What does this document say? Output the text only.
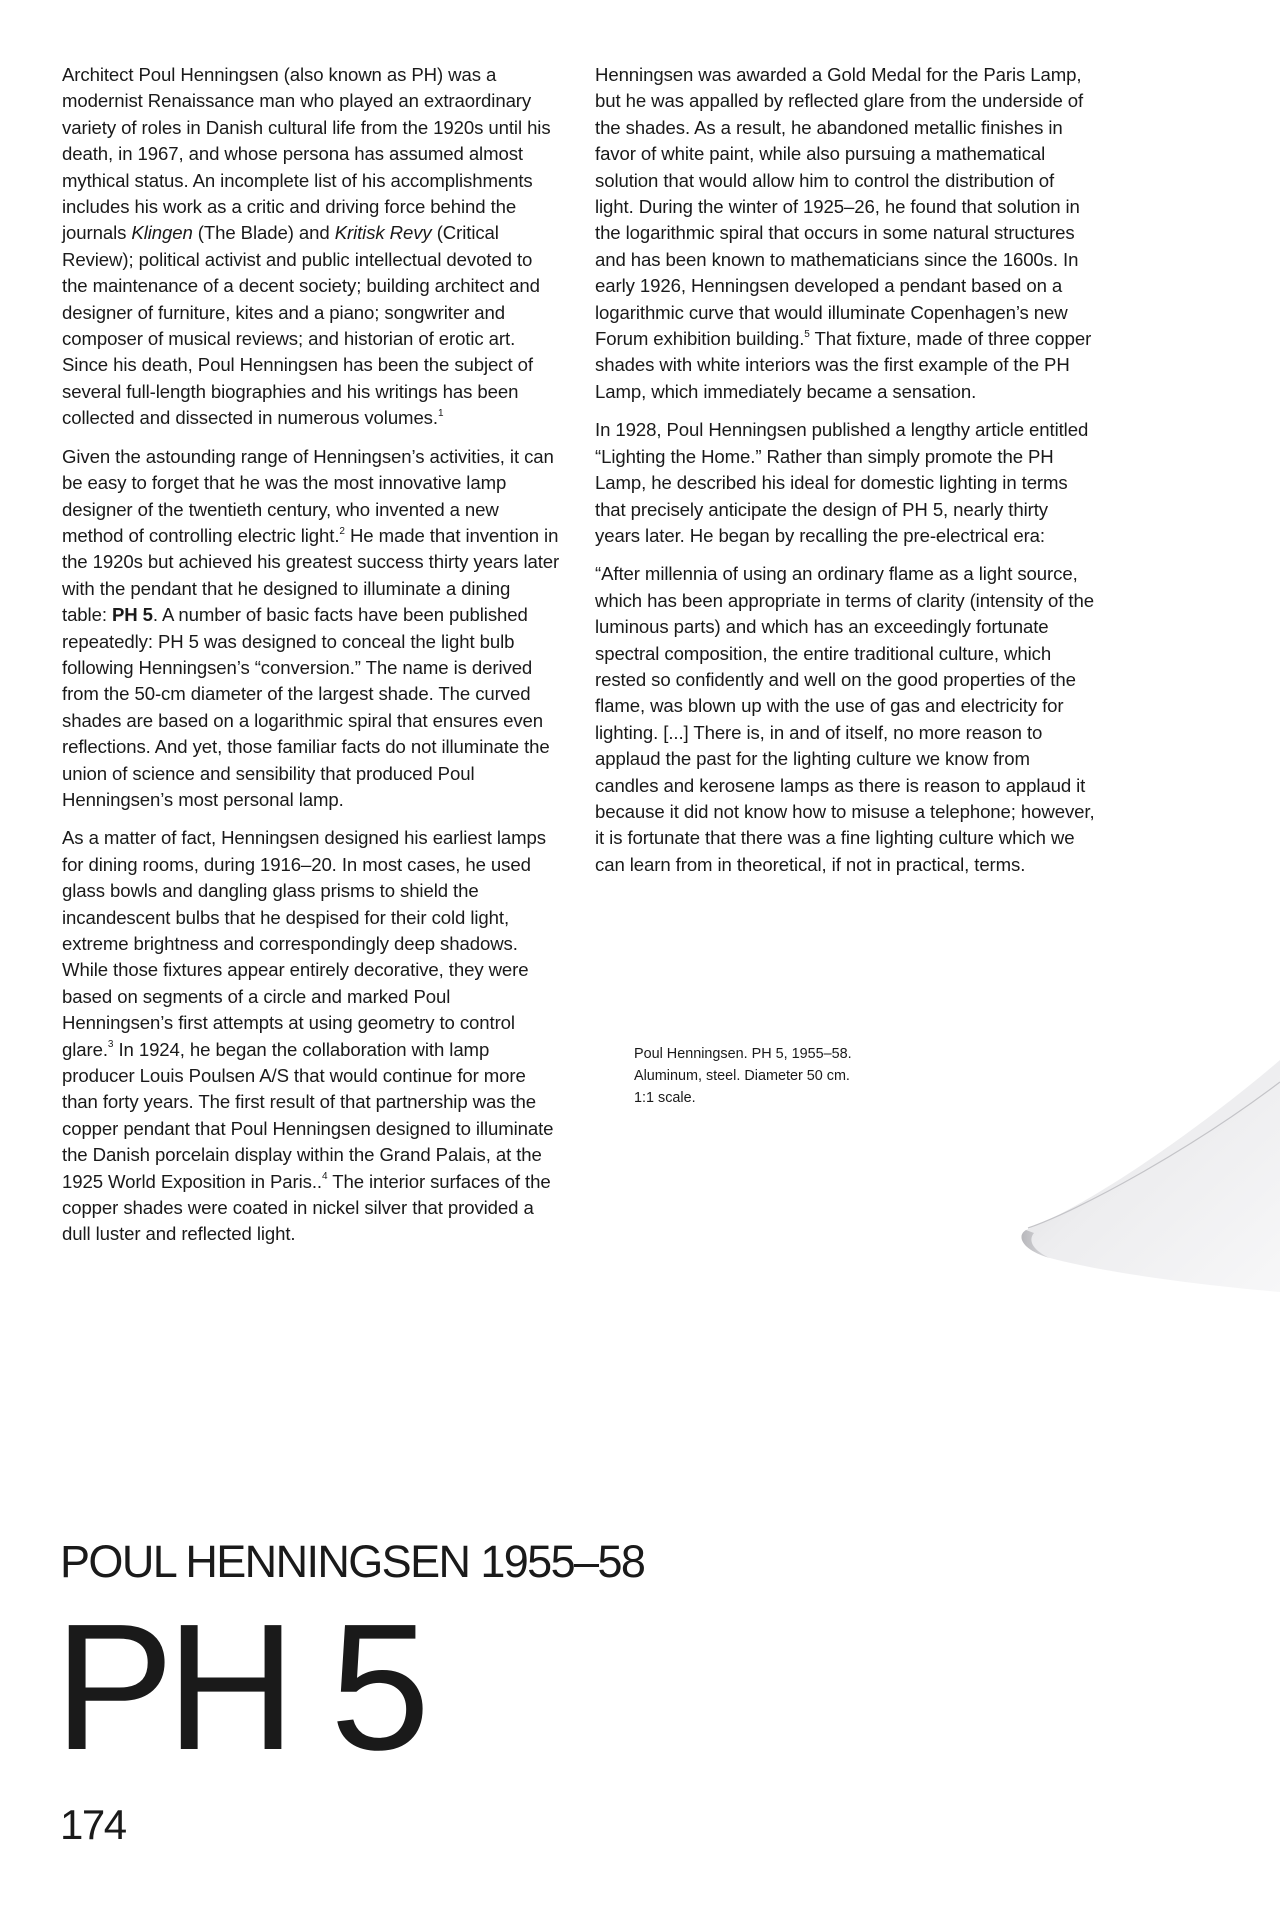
Architect Poul Henningsen (also known as PH) was a modernist Renaissance man who played an extraordinary variety of roles in Danish cultural life from the 1920s until his death, in 1967, and whose persona has assumed almost mythical status. An incomplete list of his accomplishments includes his work as a critic and driving force behind the journals Klingen (The Blade) and Kritisk Revy (Critical Review); political activist and public intellectual devoted to the maintenance of a decent society; building architect and designer of furniture, kites and a piano; songwriter and composer of musical reviews; and historian of erotic art. Since his death, Poul Henningsen has been the subject of several full-length biographies and his writings has been collected and dissected in numerous volumes.$^1$

Given the astounding range of Henningsen’s activities, it can be easy to forget that he was the most innovative lamp designer of the twentieth century, who invented a new method of controlling electric light.$^2$ He made that invention in the 1920s but achieved his greatest success thirty years later with the pendant that he designed to illuminate a dining table: PH 5. A number of basic facts have been published repeatedly: PH 5 was designed to conceal the light bulb following Henningsen’s “conversion.” The name is derived from the 50-cm diameter of the largest shade. The curved shades are based on a logarithmic spiral that ensures even reflections. And yet, those familiar facts do not illuminate the union of science and sensibility that produced Poul Henningsen’s most personal lamp.

As a matter of fact, Henningsen designed his earliest lamps for dining rooms, during 1916–20. In most cases, he used glass bowls and dangling glass prisms to shield the incandescent bulbs that he despised for their cold light, extreme brightness and correspondingly deep shadows. While those fixtures appear entirely decorative, they were based on segments of a circle and marked Poul Henningsen’s first attempts at using geometry to control glare.$^3$ In 1924, he began the collaboration with lamp producer Louis Poulsen A/S that would continue for more than forty years. The first result of that partnership was the copper pendant that Poul Henningsen designed to illuminate the Danish porcelain display within the Grand Palais, at the 1925 World Exposition in Paris..$^4$ The interior surfaces of the copper shades were coated in nickel silver that provided a dull luster and reflected light.

Henningsen was awarded a Gold Medal for the Paris Lamp, but he was appalled by reflected glare from the underside of the shades. As a result, he abandoned metallic finishes in favor of white paint, while also pursuing a mathematical solution that would allow him to control the distribution of light. During the winter of 1925–26, he found that solution in the logarithmic spiral that occurs in some natural structures and has been known to mathematicians since the 1600s. In early 1926, Henningsen developed a pendant based on a logarithmic curve that would illuminate Copenhagen’s new Forum exhibition building.$^5$ That fixture, made of three copper shades with white interiors was the first example of the PH Lamp, which immediately became a sensation.

In 1928, Poul Henningsen published a lengthy article entitled “Lighting the Home.” Rather than simply promote the PH Lamp, he described his ideal for domestic lighting in terms that precisely anticipate the design of PH 5, nearly thirty years later. He began by recalling the pre-electrical era:

“After millennia of using an ordinary flame as a light source, which has been appropriate in terms of clarity (intensity of the luminous parts) and which has an exceedingly fortunate spectral composition, the entire traditional culture, which rested so confidently and well on the good properties of the flame, was blown up with the use of gas and electricity for lighting. [...] There is, in and of itself, no more reason to applaud the past for the lighting culture we know from candles and kerosene lamps as there is reason to applaud it because it did not know how to misuse a telephone; however, it is fortunate that there was a fine lighting culture which we can learn from in theoretical, if not in practical, terms.

Poul Henningsen. PH 5, 1955–58.
Aluminum, steel. Diameter 50 cm.
1:1 scale.
POUL HENNINGSEN 1955–58
PH 5
174
